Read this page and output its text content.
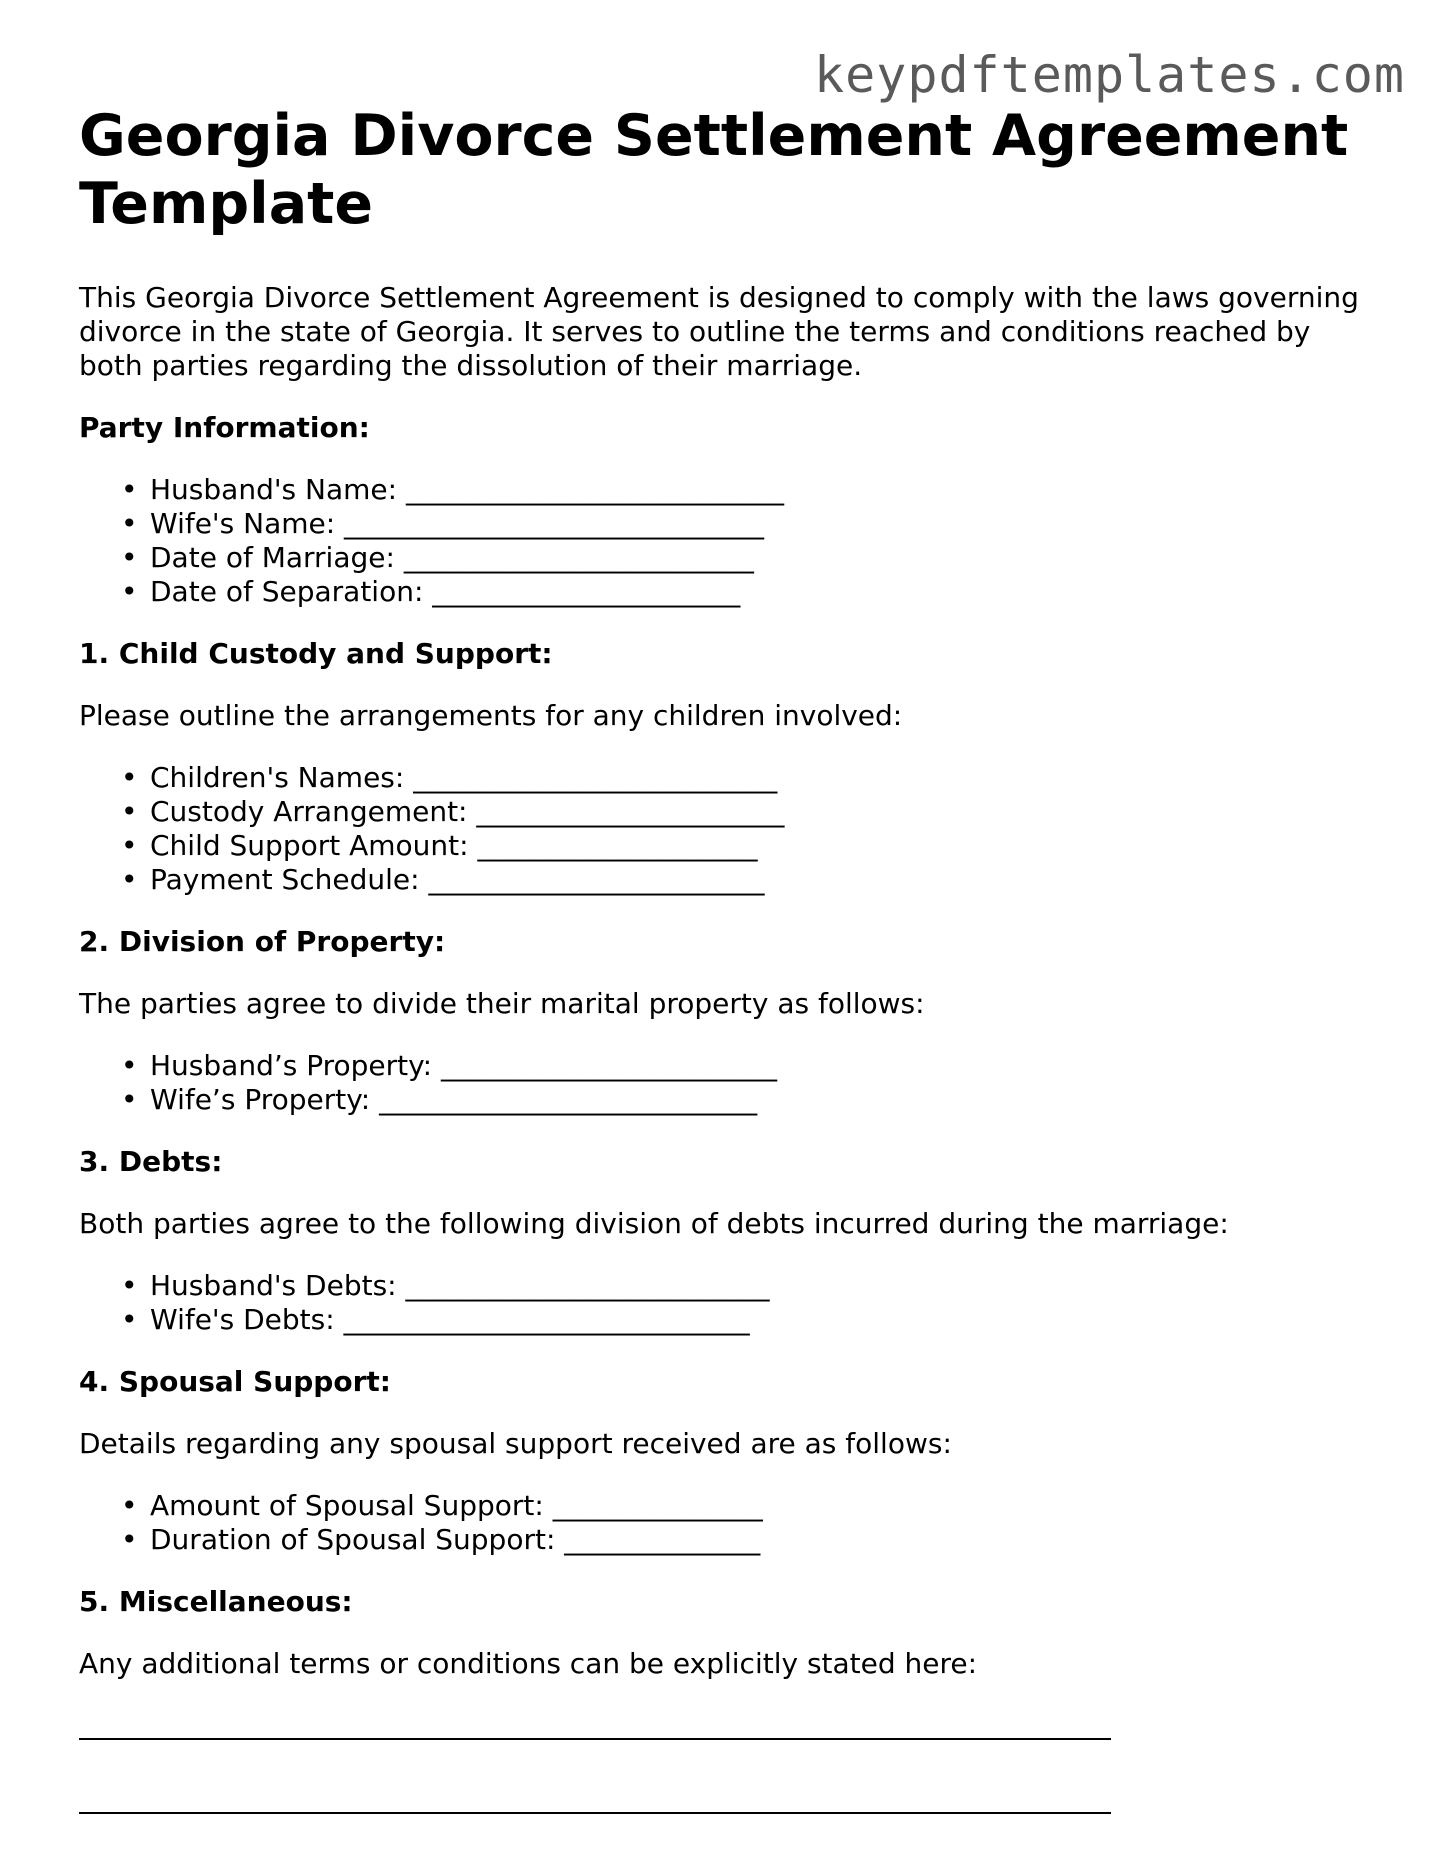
keypdftemplates.com
Georgia Divorce Settlement Agreement Template

This Georgia Divorce Settlement Agreement is designed to comply with the laws governing divorce in the state of Georgia. It serves to outline the terms and conditions reached by both parties regarding the dissolution of their marriage.

Party Information:
• Husband's Name: ___________________________
• Wife's Name: ______________________________
• Date of Marriage: _________________________
• Date of Separation: ______________________
1. Child Custody and Support:

Please outline the arrangements for any children involved:

• Children's Names: __________________________
• Custody Arrangement: ______________________
• Child Support Amount: ____________________
• Payment Schedule: ________________________
2. Division of Property:

The parties agree to divide their marital property as follows:

• Husband’s Property: ________________________
• Wife’s Property: ___________________________
3. Debts:

Both parties agree to the following division of debts incurred during the marriage:

• Husband's Debts: __________________________
• Wife's Debts: _____________________________
4. Spousal Support:

Details regarding any spousal support received are as follows:

• Amount of Spousal Support: _______________
• Duration of Spousal Support: ______________
5. Miscellaneous:

Any additional terms or conditions can be explicitly stated here:
